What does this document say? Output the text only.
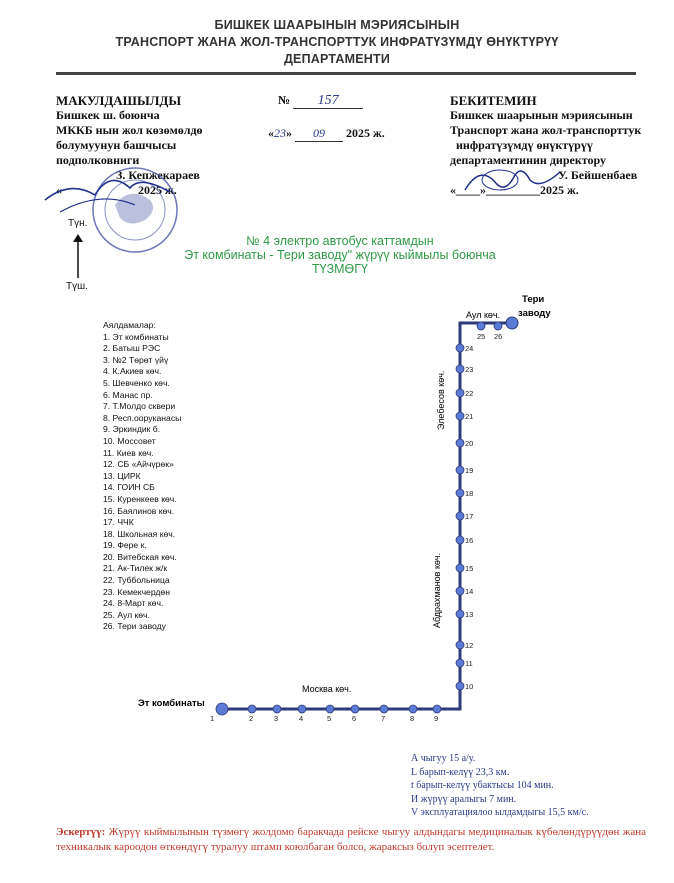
БИШКЕК ШААРЫНЫН МЭРИЯСЫНЫН
ТРАНСПОРТ ЖАНА ЖОЛ-ТРАНСПОРТТУК ИНФРАТҮЗҮМДҮ ӨНҮКТҮРҮҮ
ДЕПАРТАМЕНТИ
МАКУЛДАШЫЛДЫ
Бишкек ш. боюнча
МККБ нын жол көзөмөлдө
болумуунун башчысы
подполковниги
З. Кепжекараев
«	2025 ж.
№ 157
«23» 09 2025 ж.
БЕКИТЕМИН
Бишкек шаарынын мэриясынын
Транспорт жана жол-транспорттук
инфратүзүмдү өнүктүрүү
департаментинин директору
У. Бейшенбаев
«____»_________2025 ж.
№ 4 электро автобус каттамдын
Эт комбинаты - Тери заводу" жүрүү кыймылы боюнча
ТҮЗМӨГҮ
Түн.
Түш.
Аялдамалар:
1. Эт комбинаты
2. Батыш РЭС
3. №2 Төрөт үйү
4. К.Акиев көч.
5. Шевченко көч.
6. Манас пр.
7. Т.Молдо сквери
8. Респ.ооруканасы
9. Эркиндик б.
10. Моссовет
11. Киев көч.
12. СБ «Айчүрөк»
13. ЦИРК
14. ГОИН СБ
15. Куренкеев көч.
16. Баялинов көч.
17. ЧЧК
18. Школьная көч.
19. Фере к.
20. Витебская көч.
21. Ак-Тилек ж/к
22. Туббольница
23. Кемекчердөн
24. 8-Март көч.
25. Аул көч.
26. Тери заводу
1	2	3	4	5	6	7	8	9
10
11
12
13
14
15
16
17
18
19
20
21
22
23
24
25 26
Москва көч.
Абдрахманов көч.
Элебесов көч.
Аул көч.
Эт комбинаты
Тери
заводу
А чыгуу 15 а/у.
L барып-келүү 23,3 км.
t барып-келүү убактысы 104 мин.
И жүрүү аралыгы 7 мин.
V эксплуатациялоо ылдамдыгы 15,5 км/с.
Эскертүү: Жүрүү кыймылынын түзмөгү жолдомо баракчада рейске чыгуу алдындагы медициналык күбөлөндүрүүдөн жана техникалык кароодон өткөндүгү туралуу штамп коюлбаган болсо, жараксыз болуп эсептелет.
